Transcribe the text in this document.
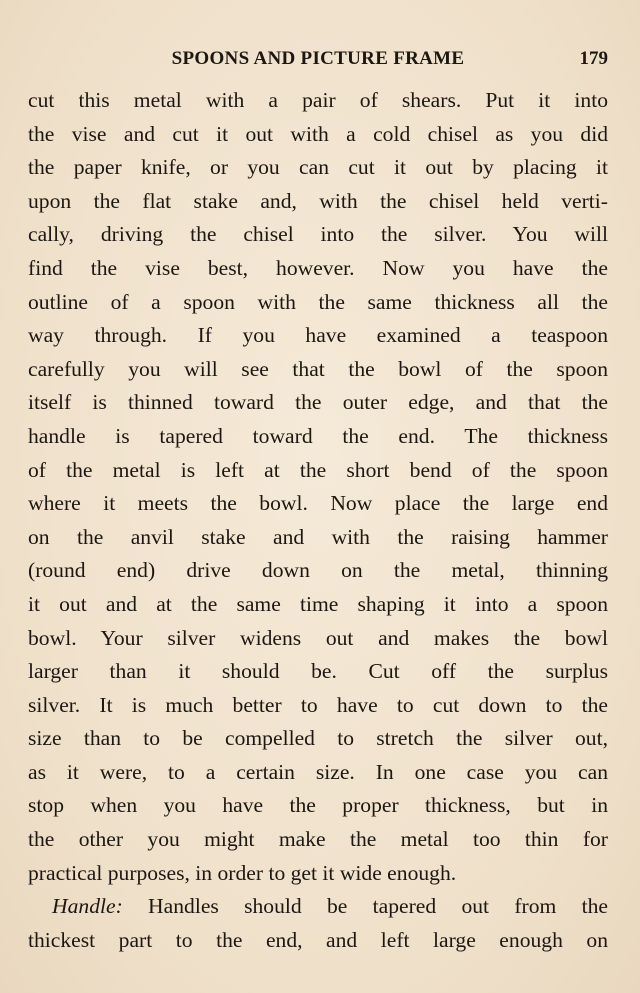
SPOONS AND PICTURE FRAME	179
cut this metal with a pair of shears. Put it into
the vise and cut it out with a cold chisel as you did
the paper knife, or you can cut it out by placing it
upon the flat stake and, with the chisel held verti-
cally, driving the chisel into the silver. You will
find the vise best, however. Now you have the
outline of a spoon with the same thickness all the
way through. If you have examined a teaspoon
carefully you will see that the bowl of the spoon
itself is thinned toward the outer edge, and that the
handle is tapered toward the end. The thickness
of the metal is left at the short bend of the spoon
where it meets the bowl. Now place the large end
on the anvil stake and with the raising hammer
(round end) drive down on the metal, thinning
it out and at the same time shaping it into a spoon
bowl. Your silver widens out and makes the bowl
larger than it should be. Cut off the surplus
silver. It is much better to have to cut down to the
size than to be compelled to stretch the silver out,
as it were, to a certain size. In one case you can
stop when you have the proper thickness, but in
the other you might make the metal too thin for
practical purposes, in order to get it wide enough.
Handle: Handles should be tapered out from the
thickest part to the end, and left large enough on
